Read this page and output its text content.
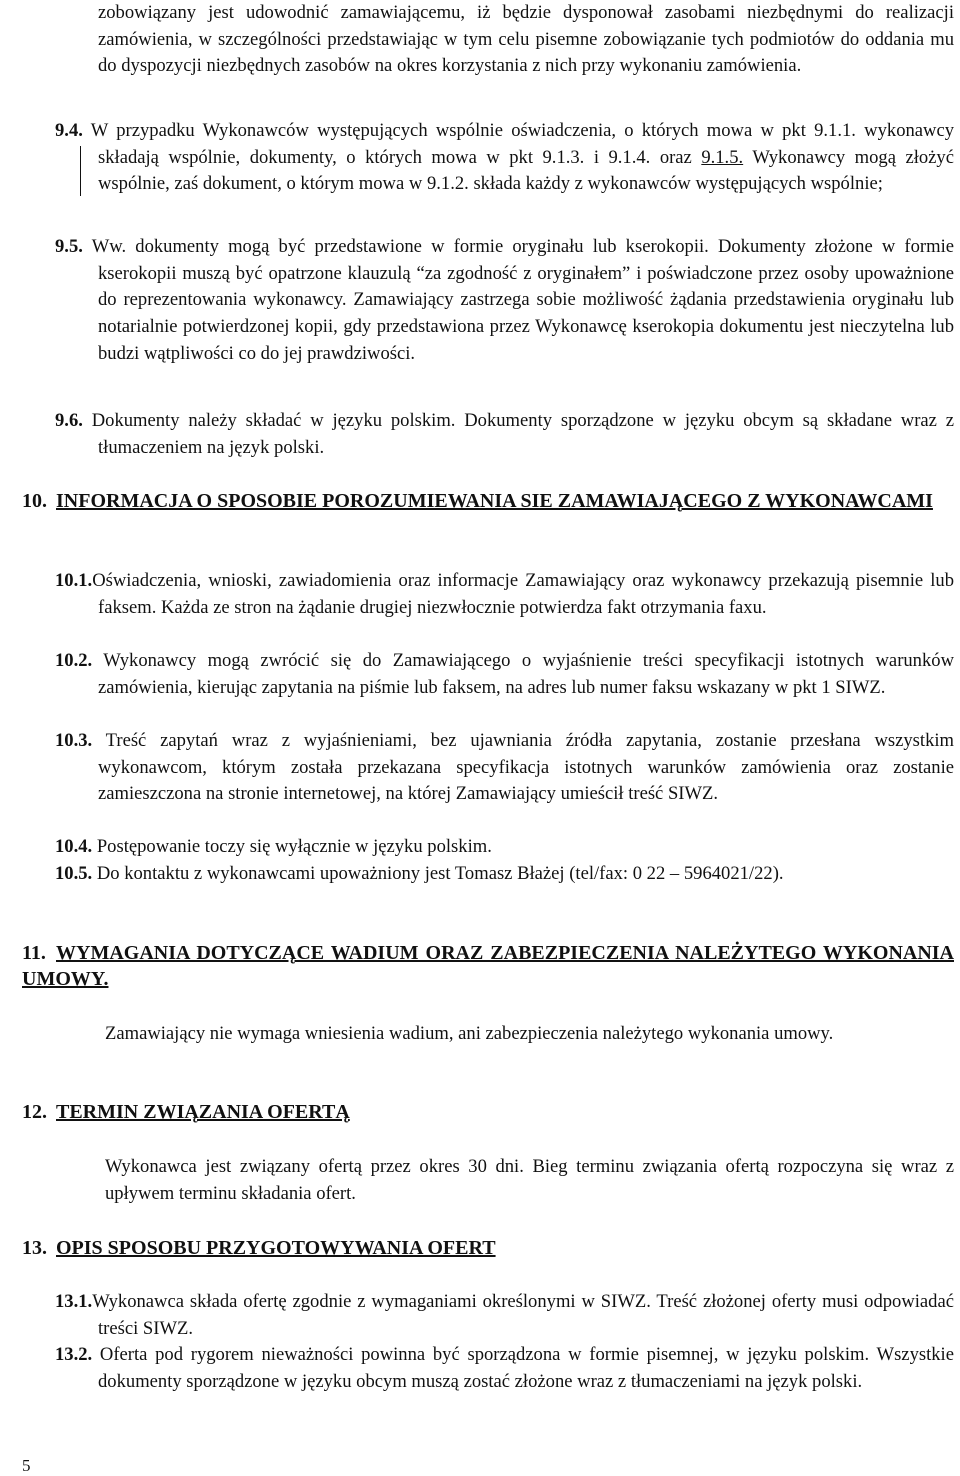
zobowiązany jest udowodnić zamawiającemu, iż będzie dysponował zasobami niezbędnymi do realizacji zamówienia, w szczególności przedstawiając w tym celu pisemne zobowiązanie tych podmiotów do oddania mu do dyspozycji niezbędnych zasobów na okres korzystania z nich przy wykonaniu zamówienia.

9.4. W przypadku Wykonawców występujących wspólnie oświadczenia, o których mowa w pkt 9.1.1. wykonawcy składają wspólnie, dokumenty, o których mowa w pkt 9.1.3. i 9.1.4. oraz 9.1.5. Wykonawcy mogą złożyć wspólnie, zaś dokument, o którym mowa w 9.1.2. składa każdy z wykonawców występujących wspólnie;

9.5. Ww. dokumenty mogą być przedstawione w formie oryginału lub kserokopii. Dokumenty złożone w formie kserokopii muszą być opatrzone klauzulą “za zgodność z oryginałem” i poświadczone przez osoby upoważnione do reprezentowania wykonawcy. Zamawiający zastrzega sobie możliwość żądania przedstawienia oryginału lub notarialnie potwierdzonej kopii, gdy przedstawiona przez Wykonawcę kserokopia dokumentu jest nieczytelna lub budzi wątpliwości co do jej prawdziwości.

9.6. Dokumenty należy składać w języku polskim. Dokumenty sporządzone w języku obcym są składane wraz z tłumaczeniem na język polski.

10. INFORMACJA O SPOSOBIE POROZUMIEWANIA SIE ZAMAWIAJĄCEGO Z WYKONAWCAMI

10.1.Oświadczenia, wnioski, zawiadomienia oraz informacje Zamawiający oraz wykonawcy przekazują pisemnie lub faksem. Każda ze stron na żądanie drugiej niezwłocznie potwierdza fakt otrzymania faxu.

10.2. Wykonawcy mogą zwrócić się do Zamawiającego o wyjaśnienie treści specyfikacji istotnych warunków zamówienia, kierując zapytania na piśmie lub faksem, na adres lub numer faksu wskazany w pkt 1 SIWZ.

10.3. Treść zapytań wraz z wyjaśnieniami, bez ujawniania źródła zapytania, zostanie przesłana wszystkim wykonawcom, którym została przekazana specyfikacja istotnych warunków zamówienia oraz zostanie zamieszczona na stronie internetowej, na której Zamawiający umieścił treść SIWZ.

10.4. Postępowanie toczy się wyłącznie w języku polskim.

10.5. Do kontaktu z wykonawcami upoważniony jest Tomasz Błażej (tel/fax: 0 22 – 5964021/22).

11. WYMAGANIA DOTYCZĄCE WADIUM ORAZ ZABEZPIECZENIA NALEŻYTEGO WYKONANIA UMOWY.

Zamawiający nie wymaga wniesienia wadium, ani zabezpieczenia należytego wykonania umowy.

12. TERMIN ZWIĄZANIA OFERTĄ

Wykonawca jest związany ofertą przez okres 30 dni. Bieg terminu związania ofertą rozpoczyna się wraz z upływem terminu składania ofert.

13. OPIS SPOSOBU PRZYGOTOWYWANIA OFERT

13.1.Wykonawca składa ofertę zgodnie z wymaganiami określonymi w SIWZ. Treść złożonej oferty musi odpowiadać treści SIWZ.

13.2. Oferta pod rygorem nieważności powinna być sporządzona w formie pisemnej, w języku polskim. Wszystkie dokumenty sporządzone w języku obcym muszą zostać złożone wraz z tłumaczeniami na język polski.

5
